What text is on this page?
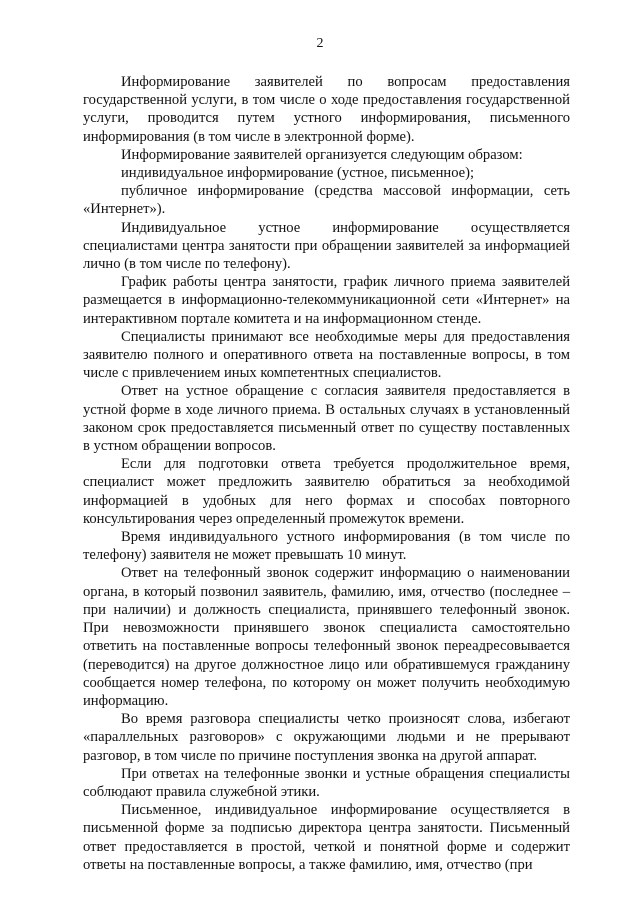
2

Информирование заявителей по вопросам предоставления государственной услуги, в том числе о ходе предоставления государственной услуги, проводится путем устного информирования, письменного информирования (в том числе в электронной форме).

Информирование заявителей организуется следующим образом:

индивидуальное информирование (устное, письменное);

публичное информирование (средства массовой информации, сеть «Интернет»).

Индивидуальное устное информирование осуществляется специалистами центра занятости при обращении заявителей за информацией лично (в том числе по телефону).

График работы центра занятости, график личного приема заявителей размещается в информационно-телекоммуникационной сети «Интернет» на интерактивном портале комитета и на информационном стенде.

Специалисты принимают все необходимые меры для предоставления заявителю полного и оперативного ответа на поставленные вопросы, в том числе с привлечением иных компетентных специалистов.

Ответ на устное обращение с согласия заявителя предоставляется в устной форме в ходе личного приема. В остальных случаях в установленный законом срок предоставляется письменный ответ по существу поставленных в устном обращении вопросов.

Если для подготовки ответа требуется продолжительное время, специалист может предложить заявителю обратиться за необходимой информацией в удобных для него формах и способах повторного консультирования через определенный промежуток времени.

Время индивидуального устного информирования (в том числе по телефону) заявителя не может превышать 10 минут.

Ответ на телефонный звонок содержит информацию о наименовании органа, в который позвонил заявитель, фамилию, имя, отчество (последнее – при наличии) и должность специалиста, принявшего телефонный звонок. При невозможности принявшего звонок специалиста самостоятельно ответить на поставленные вопросы телефонный звонок переадресовывается (переводится) на другое должностное лицо или обратившемуся гражданину сообщается номер телефона, по которому он может получить необходимую информацию.

Во время разговора специалисты четко произносят слова, избегают «параллельных разговоров» с окружающими людьми и не прерывают разговор, в том числе по причине поступления звонка на другой аппарат.

При ответах на телефонные звонки и устные обращения специалисты соблюдают правила служебной этики.

Письменное, индивидуальное информирование осуществляется в письменной форме за подписью директора центра занятости. Письменный ответ предоставляется в простой, четкой и понятной форме и содержит ответы на поставленные вопросы, а также фамилию, имя, отчество (при
